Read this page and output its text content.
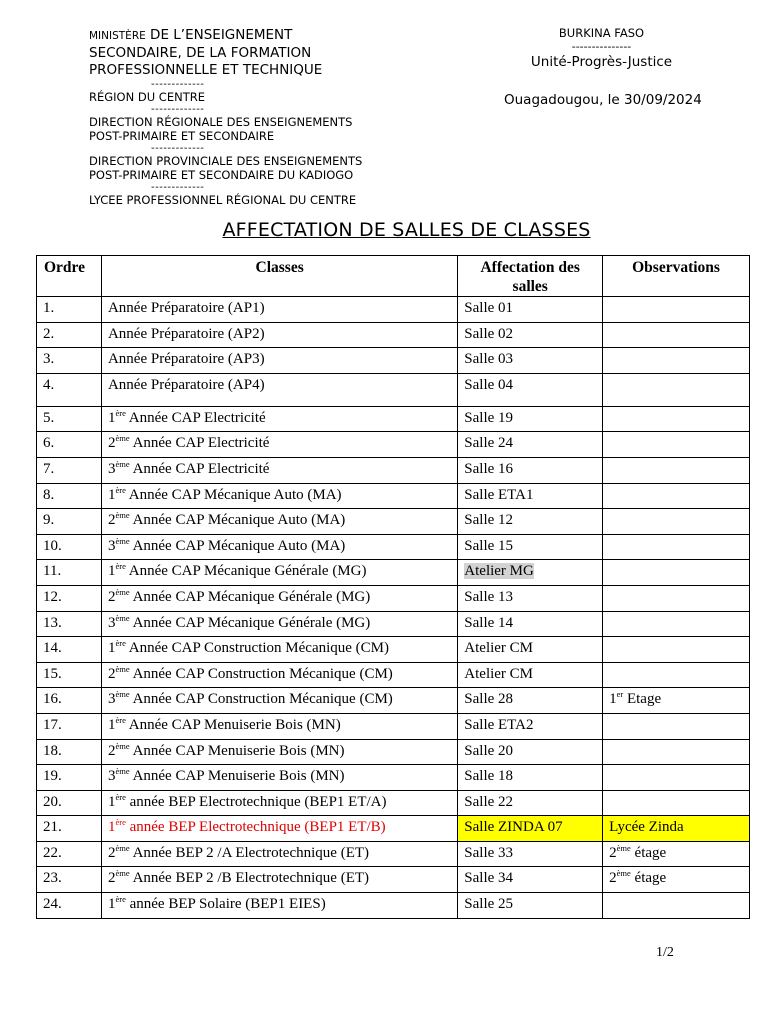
MINISTÈRE DE L’ENSEIGNEMENT
SECONDAIRE, DE LA FORMATION
PROFESSIONNELLE ET TECHNIQUE
-------------
RÉGION DU CENTRE
-------------
DIRECTION RÉGIONALE DES ENSEIGNEMENTS
POST-PRIMAIRE ET SECONDAIRE
-------------
DIRECTION PROVINCIALE DES ENSEIGNEMENTS
POST-PRIMAIRE ET SECONDAIRE DU KADIOGO
-------------
LYCEE PROFESSIONNEL RÉGIONAL DU CENTRE
BURKINA FASO
---------------
Unité-Progrès-Justice
Ouagadougou, le 30/09/2024
AFFECTATION DE SALLES DE CLASSES
Ordre	Classes	Affectation des salles	Observations
1.	Année Préparatoire (AP1)	Salle 01	
2.	Année Préparatoire (AP2)	Salle 02	
3.	Année Préparatoire (AP3)	Salle 03	
4.	Année Préparatoire (AP4)	Salle 04	
5.	1ère Année CAP Electricité	Salle 19	
6.	2ème Année CAP Electricité	Salle 24	
7.	3ème Année CAP Electricité	Salle 16	
8.	1ère Année CAP Mécanique Auto (MA)	Salle ETA1	
9.	2ème Année CAP Mécanique Auto (MA)	Salle 12	
10.	3ème Année CAP Mécanique Auto (MA)	Salle 15	
11.	1ère Année CAP Mécanique Générale (MG)	Atelier MG	
12.	2ème Année CAP Mécanique Générale (MG)	Salle 13	
13.	3ème Année CAP Mécanique Générale (MG)	Salle 14	
14.	1ère Année CAP Construction Mécanique (CM)	Atelier CM	
15.	2ème Année CAP Construction Mécanique (CM)	Atelier CM	
16.	3ème Année CAP Construction Mécanique (CM)	Salle 28	1er Etage
17.	1ère Année CAP Menuiserie Bois (MN)	Salle ETA2	
18.	2ème Année CAP Menuiserie Bois (MN)	Salle 20	
19.	3ème Année CAP Menuiserie Bois (MN)	Salle 18	
20.	1ère année BEP Electrotechnique (BEP1 ET/A)	Salle 22	
21.	1ère année BEP Electrotechnique (BEP1 ET/B)	Salle ZINDA 07	Lycée Zinda
22.	2ème Année BEP 2 /A Electrotechnique (ET)	Salle 33	2ème étage
23.	2ème Année BEP 2 /B Electrotechnique (ET)	Salle 34	2ème étage
24.	1ère année BEP Solaire (BEP1 EIES)	Salle 25	
1/2
